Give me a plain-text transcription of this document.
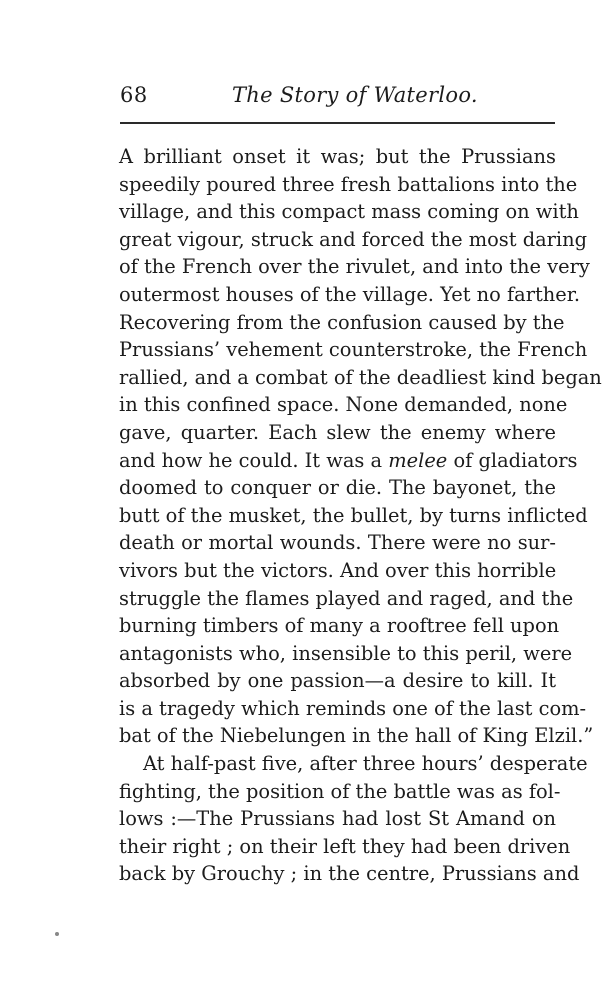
68	The Story of Waterloo.
A brilliant onset it was; but the Prussians
speedily poured three fresh battalions into the
village, and this compact mass coming on with
great vigour, struck and forced the most daring
of the French over the rivulet, and into the very
outermost houses of the village. Yet no farther.
Recovering from the confusion caused by the
Prussians’ vehement counterstroke, the French
rallied, and a combat of the deadliest kind began
in this confined space. None demanded, none
gave, quarter. Each slew the enemy where
and how he could. It was a melee of gladiators
doomed to conquer or die. The bayonet, the
butt of the musket, the bullet, by turns inflicted
death or mortal wounds. There were no sur-
vivors but the victors. And over this horrible
struggle the flames played and raged, and the
burning timbers of many a rooftree fell upon
antagonists who, insensible to this peril, were
absorbed by one passion—a desire to kill. It
is a tragedy which reminds one of the last com-
bat of the Niebelungen in the hall of King Elzil.”
At half-past five, after three hours’ desperate
fighting, the position of the battle was as fol-
lows :—The Prussians had lost St Amand on
their right ; on their left they had been driven
back by Grouchy ; in the centre, Prussians and
